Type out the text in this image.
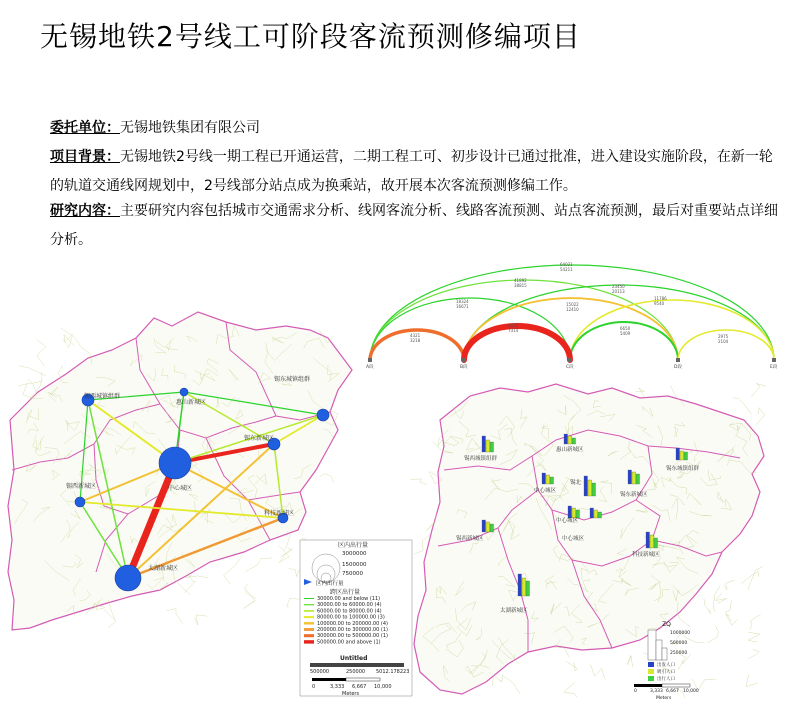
无锡地铁2号线工可阶段客流预测修编项目
委托单位：无锡地铁集团有限公司
项目背景：无锡地铁2号线一期工程已开通运营，二期工程工可、初步设计已通过批准，进入建设实施阶段，在新一轮的轨道交通线网规划中，2号线部分站点成为换乘站，故开展本次客流预测修编工作。
研究内容：主要研究内容包括城市交通需求分析、线网客流分析、线路客流预测、站点客流预测，最后对重要站点详细分析。
锡西城镇组群
惠山新城区
锡东城镇组群
锡东新城区
中心城区
锡西新城区
科技新城区
太湖新城区
区内出行量
3000000
1500000
750000
区内出行量
跨区出行量
30000.00 and below (11)
30000.00 to 60000.00 (4)
60000.00 to 80000.00 (4)
80000.00 to 100000.00 (3)
100000.00 to 200000.00 (4)
200000.00 to 300000.00 (1)
300000.00 to 500000.00 (1)
500000.00 and above (1)
Untitled
500000	250000 5012.178223
0	3,333 6,667 10,000
Meters
64021
54211
41892
38815	23450
20113
18324
16671	15022
12410
11786
9540
8802
7314	6650
5409
4321
3218
2975
2104
A段	B段	C段	D段	E段
锡西城镇组群
惠山新城区
锡东城镇组群
中心城区
锡北
锡东新城区
中心城区
锡西新城区	中心城区
科技新城区
太湖新城区
ZQ
1000000
500000
250000
出发人口
吸引人口
出行人口
0	3,333 6,667 10,000
Meters
